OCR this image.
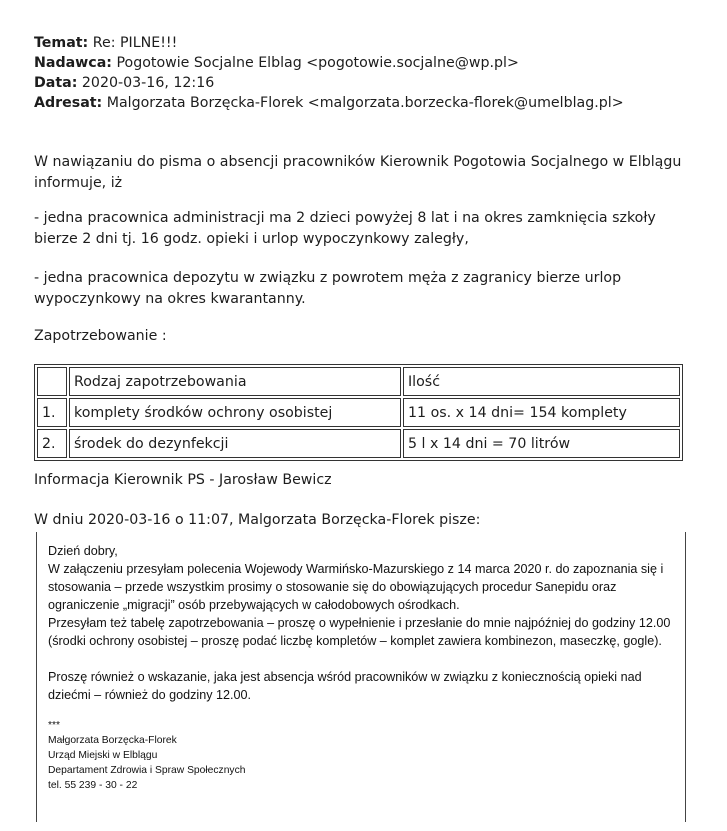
Temat: Re: PILNE!!!
Nadawca: Pogotowie Socjalne Elblag <pogotowie.socjalne@wp.pl>
Data: 2020-03-16, 12:16
Adresat: Malgorzata Borzęcka-Florek <malgorzata.borzecka-florek@umelblag.pl>
W nawiązaniu do pisma o absencji pracowników Kierownik Pogotowia Socjalnego w Elblągu informuje, iż
- jedna pracownica administracji ma 2 dzieci powyżej 8 lat i na okres zamknięcia szkoły bierze 2 dni tj. 16 godz. opieki i urlop wypoczynkowy zaległy,
- jedna pracownica depozytu w związku z powrotem męża z zagranicy bierze urlop wypoczynkowy na okres kwarantanny.
Zapotrzebowanie :
	Rodzaj zapotrzebowania	Ilość
1.	komplety środków ochrony osobistej	11 os. x 14 dni= 154 komplety
2.	środek do dezynfekcji	5 l x 14 dni = 70 litrów
Informacja Kierownik PS - Jarosław Bewicz
W dniu 2020-03-16 o 11:07, Malgorzata Borzęcka-Florek pisze:
Dzień dobry,
W załączeniu przesyłam polecenia Wojewody Warmińsko-Mazurskiego z 14 marca 2020 r. do zapoznania się i stosowania – przede wszystkim prosimy o stosowanie się do obowiązujących procedur Sanepidu oraz ograniczenie „migracji” osób przebywających w całodobowych ośrodkach.
Przesyłam też tabelę zapotrzebowania – proszę o wypełnienie i przesłanie do mnie najpóźniej do godziny 12.00 (środki ochrony osobistej – proszę podać liczbę kompletów – komplet zawiera kombinezon, maseczkę, gogle).
Proszę również o wskazanie, jaka jest absencja wśród pracowników w związku z koniecznością opieki nad dziećmi – również do godziny 12.00.
***
Małgorzata Borzęcka-Florek
Urząd Miejski w Elblągu
Departament Zdrowia i Spraw Społecznych
tel. 55 239 - 30 - 22
